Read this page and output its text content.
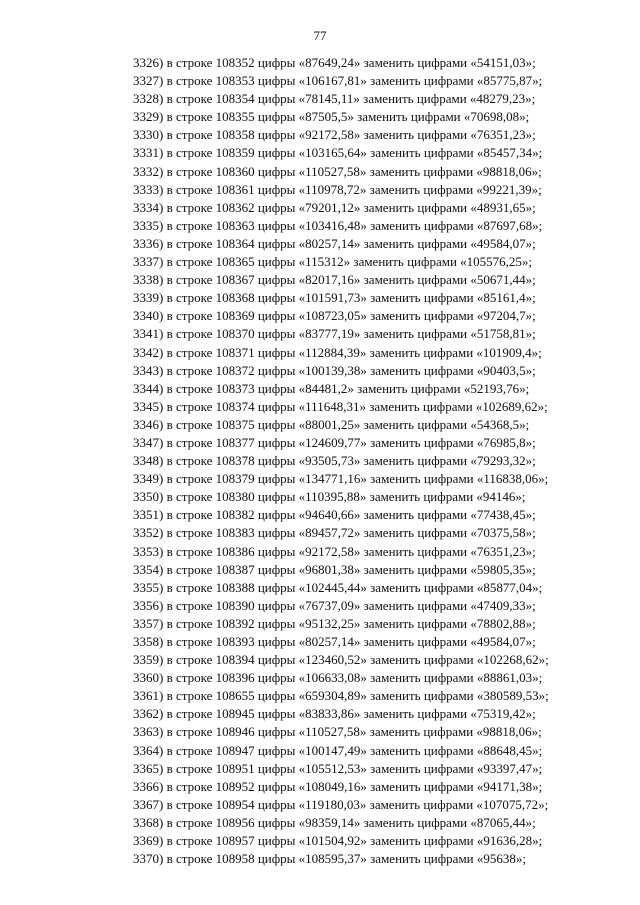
77
3326) в строке 108352 цифры «87649,24» заменить цифрами «54151,03»;
3327) в строке 108353 цифры «106167,81» заменить цифрами «85775,87»;
3328) в строке 108354 цифры «78145,11» заменить цифрами «48279,23»;
3329) в строке 108355 цифры «87505,5» заменить цифрами «70698,08»;
3330) в строке 108358 цифры «92172,58» заменить цифрами «76351,23»;
3331) в строке 108359 цифры «103165,64» заменить цифрами «85457,34»;
3332) в строке 108360 цифры «110527,58» заменить цифрами «98818,06»;
3333) в строке 108361 цифры «110978,72» заменить цифрами «99221,39»;
3334) в строке 108362 цифры «79201,12» заменить цифрами «48931,65»;
3335) в строке 108363 цифры «103416,48» заменить цифрами «87697,68»;
3336) в строке 108364 цифры «80257,14» заменить цифрами «49584,07»;
3337) в строке 108365 цифры «115312» заменить цифрами «105576,25»;
3338) в строке 108367 цифры «82017,16» заменить цифрами «50671,44»;
3339) в строке 108368 цифры «101591,73» заменить цифрами «85161,4»;
3340) в строке 108369 цифры «108723,05» заменить цифрами «97204,7»;
3341) в строке 108370 цифры «83777,19» заменить цифрами «51758,81»;
3342) в строке 108371 цифры «112884,39» заменить цифрами «101909,4»;
3343) в строке 108372 цифры «100139,38» заменить цифрами «90403,5»;
3344) в строке 108373 цифры «84481,2» заменить цифрами «52193,76»;
3345) в строке 108374 цифры «111648,31» заменить цифрами «102689,62»;
3346) в строке 108375 цифры «88001,25» заменить цифрами «54368,5»;
3347) в строке 108377 цифры «124609,77» заменить цифрами «76985,8»;
3348) в строке 108378 цифры «93505,73» заменить цифрами «79293,32»;
3349) в строке 108379 цифры «134771,16» заменить цифрами «116838,06»;
3350) в строке 108380 цифры «110395,88» заменить цифрами «94146»;
3351) в строке 108382 цифры «94640,66» заменить цифрами «77438,45»;
3352) в строке 108383 цифры «89457,72» заменить цифрами «70375,58»;
3353) в строке 108386 цифры «92172,58» заменить цифрами «76351,23»;
3354) в строке 108387 цифры «96801,38» заменить цифрами «59805,35»;
3355) в строке 108388 цифры «102445,44» заменить цифрами «85877,04»;
3356) в строке 108390 цифры «76737,09» заменить цифрами «47409,33»;
3357) в строке 108392 цифры «95132,25» заменить цифрами «78802,88»;
3358) в строке 108393 цифры «80257,14» заменить цифрами «49584,07»;
3359) в строке 108394 цифры «123460,52» заменить цифрами «102268,62»;
3360) в строке 108396 цифры «106633,08» заменить цифрами «88861,03»;
3361) в строке 108655 цифры «659304,89» заменить цифрами «380589,53»;
3362) в строке 108945 цифры «83833,86» заменить цифрами «75319,42»;
3363) в строке 108946 цифры «110527,58» заменить цифрами «98818,06»;
3364) в строке 108947 цифры «100147,49» заменить цифрами «88648,45»;
3365) в строке 108951 цифры «105512,53» заменить цифрами «93397,47»;
3366) в строке 108952 цифры «108049,16» заменить цифрами «94171,38»;
3367) в строке 108954 цифры «119180,03» заменить цифрами «107075,72»;
3368) в строке 108956 цифры «98359,14» заменить цифрами «87065,44»;
3369) в строке 108957 цифры «101504,92» заменить цифрами «91636,28»;
3370) в строке 108958 цифры «108595,37» заменить цифрами «95638»;
